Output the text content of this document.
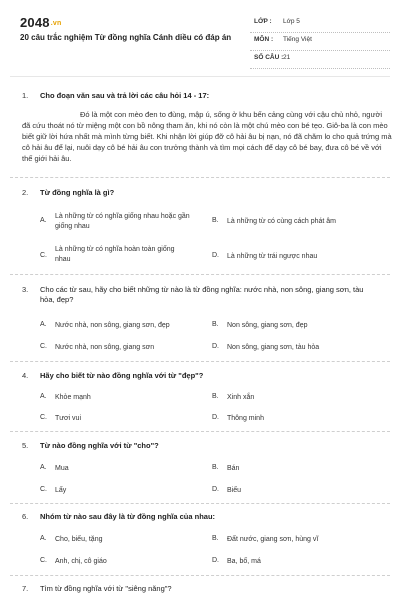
2048.vn
20 câu trắc nghiệm Từ đồng nghĩa Cánh diều có đáp án
LỚP : Lớp 5
MÔN : Tiếng Việt
SỐ CÂU : 21
1. Cho đoạn văn sau và trả lời các câu hỏi 14 - 17:
Đó là một con mèo đen to đùng, mập ú, sống ở khu bến cảng cùng với cậu chủ nhỏ, người đã cứu thoát nó từ miệng một con bồ nông tham ăn, khi nó còn là một chú mèo con bé tẹo. Giô-ba là con mèo biết giữ lời hứa nhất mà mình từng biết. Khi nhận lời giúp đỡ cô hải âu bị nạn, nó đã chăm lo cho quả trứng mà cô hải âu để lại, nuôi dạy cô bé hải âu con trưởng thành và tìm mọi cách để dạy cô bé bay, đưa cô bé về với thế giới hải âu.
2. Từ đồng nghĩa là gì?
A.
Là những từ có nghĩa giống nhau hoặc gần
giống nhau
B. Là những từ có cùng cách phát âm
C.
Là những từ có nghĩa hoàn toàn giống
nhau
D. Là những từ trái ngược nhau
3. Cho các từ sau, hãy cho biết những từ nào là từ đồng nghĩa: nước nhà, non sông, giang sơn, tàu
hỏa, đẹp?
A. Nước nhà, non sông, giang sơn, đẹp	B. Non sông, giang sơn, đẹp
C. Nước nhà, non sông, giang sơn	D. Non sông, giang sơn, tàu hỏa
4. Hãy cho biết từ nào đồng nghĩa với từ "đẹp"?
A. Khỏe mạnh	B. Xinh xắn
C. Tươi vui	D. Thông minh
5. Từ nào đồng nghĩa với từ "cho"?
A. Mua	B. Bán
C. Lấy	D. Biếu
6. Nhóm từ nào sau đây là từ đồng nghĩa của nhau:
A. Cho, biếu, tặng	B. Đất nước, giang sơn, hùng vĩ
C. Anh, chị, cô giáo	D. Ba, bố, má
7. Tìm từ đồng nghĩa với từ "siêng năng"?
